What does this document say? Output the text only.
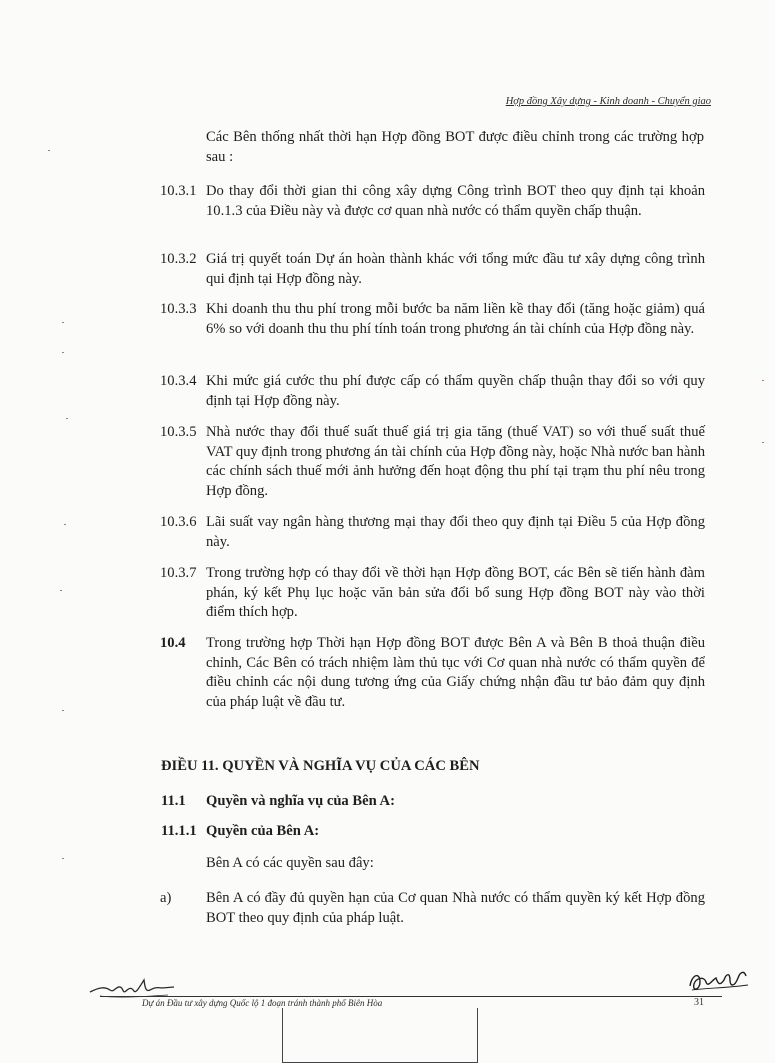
Hợp đồng Xây dựng - Kinh doanh - Chuyển giao
Các Bên thống nhất thời hạn Hợp đồng BOT được điều chỉnh trong các trường hợp sau :
10.3.1 Do thay đổi thời gian thi công xây dựng Công trình BOT theo quy định tại khoản 10.1.3 của Điều này và được cơ quan nhà nước có thẩm quyền chấp thuận.
10.3.2 Giá trị quyết toán Dự án hoàn thành khác với tổng mức đầu tư xây dựng công trình qui định tại Hợp đồng này.
10.3.3 Khi doanh thu thu phí trong mỗi bước ba năm liền kề thay đổi (tăng hoặc giảm) quá 6% so với doanh thu thu phí tính toán trong phương án tài chính của Hợp đồng này.
10.3.4 Khi mức giá cước thu phí được cấp có thẩm quyền chấp thuận thay đổi so với quy định tại Hợp đồng này.
10.3.5 Nhà nước thay đổi thuế suất thuế giá trị gia tăng (thuế VAT) so với thuế suất thuế VAT quy định trong phương án tài chính của Hợp đồng này, hoặc Nhà nước ban hành các chính sách thuế mới ảnh hưởng đến hoạt động thu phí tại trạm thu phí nêu trong Hợp đồng.
10.3.6 Lãi suất vay ngân hàng thương mại thay đổi theo quy định tại Điều 5 của Hợp đồng này.
10.3.7 Trong trường hợp có thay đổi về thời hạn Hợp đồng BOT, các Bên sẽ tiến hành đàm phán, ký kết Phụ lục hoặc văn bản sửa đổi bổ sung Hợp đồng BOT này vào thời điểm thích hợp.
10.4 Trong trường hợp Thời hạn Hợp đồng BOT được Bên A và Bên B thoả thuận điều chỉnh, Các Bên có trách nhiệm làm thủ tục với Cơ quan nhà nước có thẩm quyền để điều chỉnh các nội dung tương ứng của Giấy chứng nhận đầu tư bảo đảm quy định của pháp luật về đầu tư.
ĐIỀU 11. QUYỀN VÀ NGHĨA VỤ CỦA CÁC BÊN
11.1 Quyền và nghĩa vụ của Bên A:
11.1.1 Quyền của Bên A:
Bên A có các quyền sau đây:
a) Bên A có đầy đủ quyền hạn của Cơ quan Nhà nước có thẩm quyền ký kết Hợp đồng BOT theo quy định của pháp luật.
Dự án Đầu tư xây dựng Quốc lộ 1 đoạn tránh thành phố Biên Hòa	31
